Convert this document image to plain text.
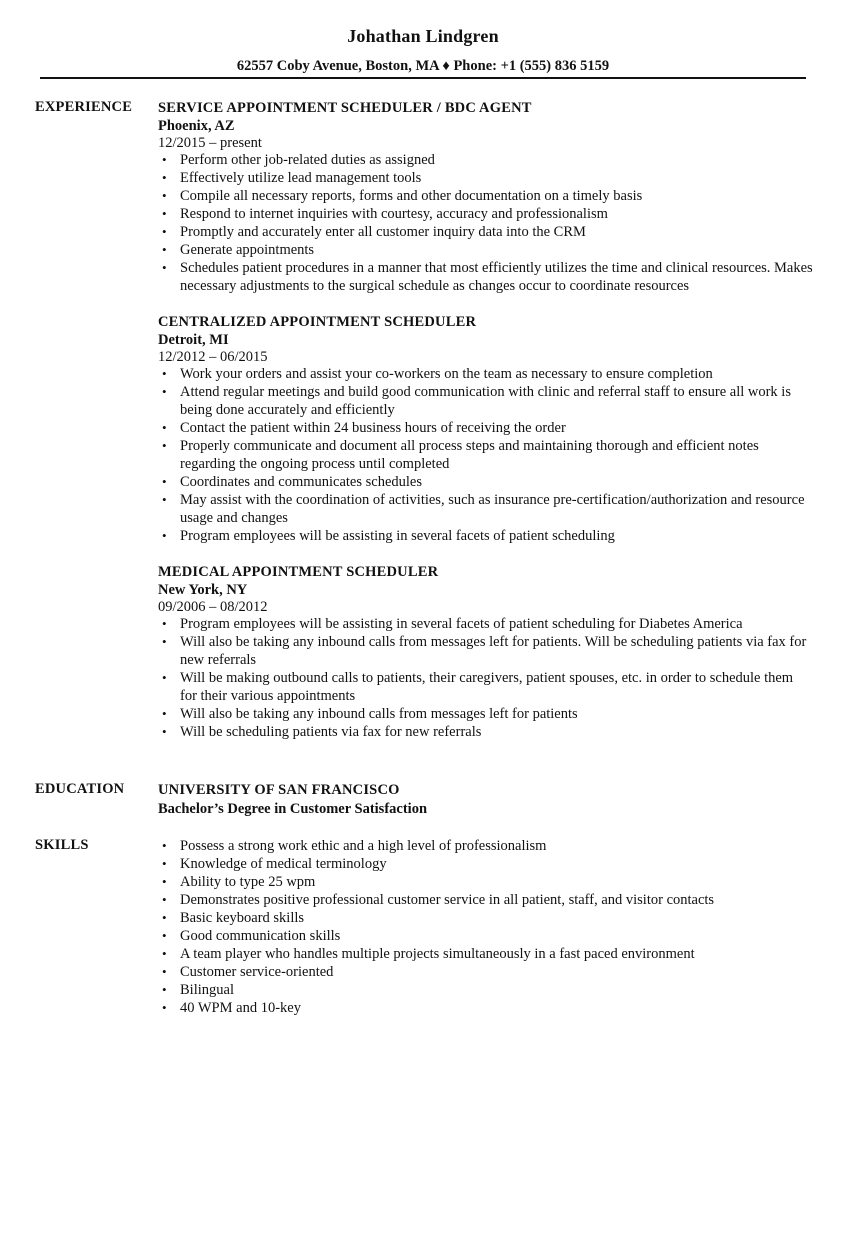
Johathan Lindgren
62557 Coby Avenue, Boston, MA ♦ Phone: +1 (555) 836 5159
EXPERIENCE SERVICE APPOINTMENT SCHEDULER / BDC AGENT
Phoenix, AZ
12/2015 – present
• Perform other job-related duties as assigned
• Effectively utilize lead management tools
• Compile all necessary reports, forms and other documentation on a timely basis
• Respond to internet inquiries with courtesy, accuracy and professionalism
• Promptly and accurately enter all customer inquiry data into the CRM
• Generate appointments
• Schedules patient procedures in a manner that most efficiently utilizes the time and clinical resources. Makes necessary adjustments to the surgical schedule as changes occur to coordinate resources
CENTRALIZED APPOINTMENT SCHEDULER
Detroit, MI
12/2012 – 06/2015
• Work your orders and assist your co-workers on the team as necessary to ensure completion
• Attend regular meetings and build good communication with clinic and referral staff to ensure all work is being done accurately and efficiently
• Contact the patient within 24 business hours of receiving the order
• Properly communicate and document all process steps and maintaining thorough and efficient notes regarding the ongoing process until completed
• Coordinates and communicates schedules
• May assist with the coordination of activities, such as insurance pre-certification/authorization and resource usage and changes
• Program employees will be assisting in several facets of patient scheduling
MEDICAL APPOINTMENT SCHEDULER
New York, NY
09/2006 – 08/2012
• Program employees will be assisting in several facets of patient scheduling for Diabetes America
• Will also be taking any inbound calls from messages left for patients. Will be scheduling patients via fax for new referrals
• Will be making outbound calls to patients, their caregivers, patient spouses, etc. in order to schedule them for their various appointments
• Will also be taking any inbound calls from messages left for patients
• Will be scheduling patients via fax for new referrals
EDUCATION UNIVERSITY OF SAN FRANCISCO
Bachelor’s Degree in Customer Satisfaction
SKILLS
•	Possess a strong work ethic and a high level of professionalism
• Knowledge of medical terminology
• Ability to type 25 wpm
• Demonstrates positive professional customer service in all patient, staff, and visitor contacts
• Basic keyboard skills
• Good communication skills
• A team player who handles multiple projects simultaneously in a fast paced environment
• Customer service-oriented
• Bilingual
• 40 WPM and 10-key
